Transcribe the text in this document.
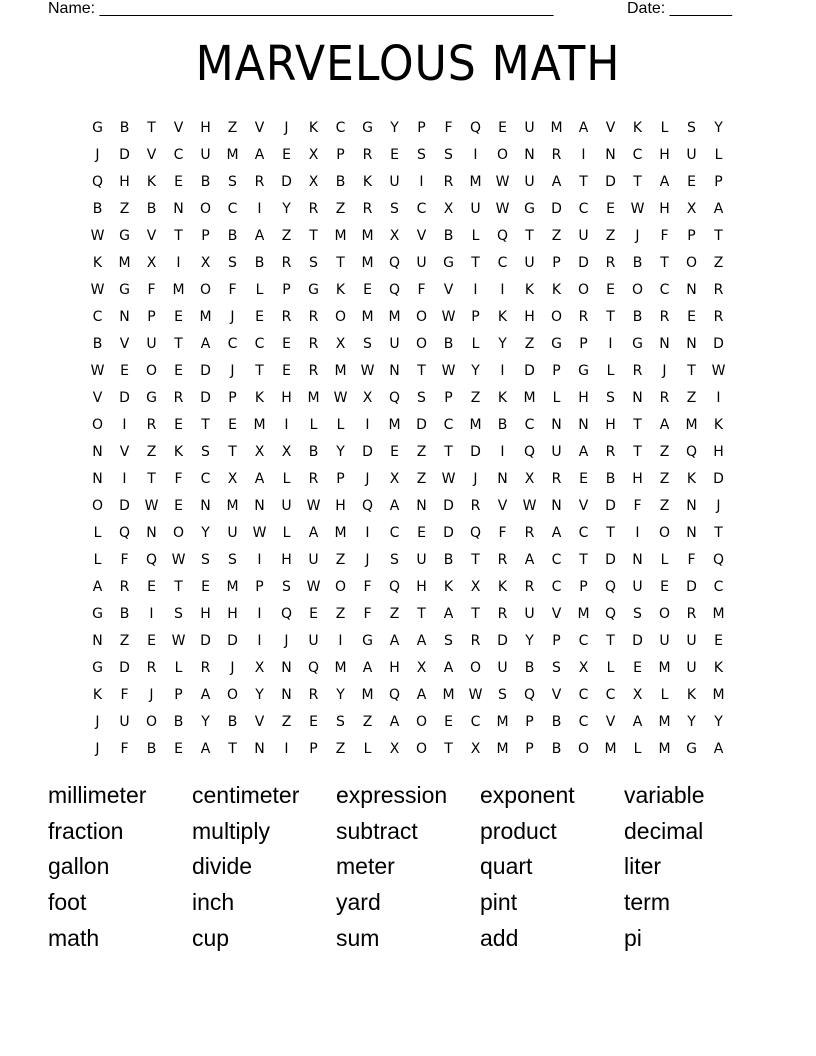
Name: ___________________________________________________	Date: _______
MARVELOUS MATH
G	B	T	V	H	Z	V	J	K	C	G	Y	P	F	Q	E	U	M	A	V	K	L	S	Y
J	D	V	C	U	M	A	E	X	P	R	E	S	S	I	O	N	R	I	N	C	H	U	L
Q	H	K	E	B	S	R	D	X	B	K	U	I	R	M	W	U	A	T	D	T	A	E	P
B	Z	B	N	O	C	I	Y	R	Z	R	S	C	X	U	W	G	D	C	E	W	H	X	A
W	G	V	T	P	B	A	Z	T	M	M	X	V	B	L	Q	T	Z	U	Z	J	F	P	T
K	M	X	I	X	S	B	R	S	T	M	Q	U	G	T	C	U	P	D	R	B	T	O	Z
W	G	F	M	O	F	L	P	G	K	E	Q	F	V	I	I	K	K	O	E	O	C	N	R
C	N	P	E	M	J	E	R	R	O	M	M	O	W	P	K	H	O	R	T	B	R	E	R
B	V	U	T	A	C	C	E	R	X	S	U	O	B	L	Y	Z	G	P	I	G	N	N	D
W	E	O	E	D	J	T	E	R	M	W	N	T	W	Y	I	D	P	G	L	R	J	T	W
V	D	G	R	D	P	K	H	M	W	X	Q	S	P	Z	K	M	L	H	S	N	R	Z	I
O	I	R	E	T	E	M	I	L	L	I	M	D	C	M	B	C	N	N	H	T	A	M	K
N	V	Z	K	S	T	X	X	B	Y	D	E	Z	T	D	I	Q	U	A	R	T	Z	Q	H
N	I	T	F	C	X	A	L	R	P	J	X	Z	W	J	N	X	R	E	B	H	Z	K	D
O	D	W	E	N	M	N	U	W	H	Q	A	N	D	R	V	W	N	V	D	F	Z	N	J
L	Q	N	O	Y	U	W	L	A	M	I	C	E	D	Q	F	R	A	C	T	I	O	N	T
L	F	Q	W	S	S	I	H	U	Z	J	S	U	B	T	R	A	C	T	D	N	L	F	Q
A	R	E	T	E	M	P	S	W	O	F	Q	H	K	X	K	R	C	P	Q	U	E	D	C
G	B	I	S	H	H	I	Q	E	Z	F	Z	T	A	T	R	U	V	M	Q	S	O	R	M
N	Z	E	W	D	D	I	J	U	I	G	A	A	S	R	D	Y	P	C	T	D	U	U	E
G	D	R	L	R	J	X	N	Q	M	A	H	X	A	O	U	B	S	X	L	E	M	U	K
K	F	J	P	A	O	Y	N	R	Y	M	Q	A	M	W	S	Q	V	C	C	X	L	K	M
J	U	O	B	Y	B	V	Z	E	S	Z	A	O	E	C	M	P	B	C	V	A	M	Y	Y
J	F	B	E	A	T	N	I	P	Z	L	X	O	T	X	M	P	B	O	M	L	M	G	A
millimeter	centimeter	expression	exponent	variable
fraction	multiply	subtract	product	decimal
gallon	divide	meter	quart	liter
foot	inch	yard	pint	term
math	cup	sum	add	pi
